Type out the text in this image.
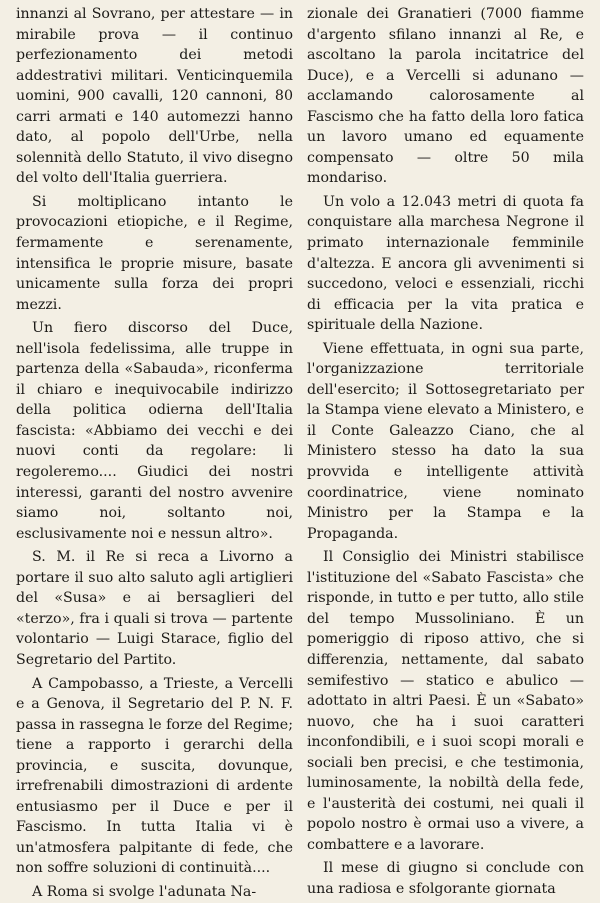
innanzi al Sovrano, per attestare — in mirabile prova — il continuo perfezionamento dei metodi addestrativi militari. Venticinquemila uomini, 900 cavalli, 120 cannoni, 80 carri armati e 140 automezzi hanno dato, al popolo dell'Urbe, nella solennità dello Statuto, il vivo disegno del volto dell'Italia guerriera.

Si moltiplicano intanto le provocazioni etiopiche, e il Regime, fermamente e serenamente, intensifica le proprie misure, basate unicamente sulla forza dei propri mezzi.

Un fiero discorso del Duce, nell'isola fedelissima, alle truppe in partenza della «Sabauda», riconferma il chiaro e inequivocabile indirizzo della politica odierna dell'Italia fascista: «Abbiamo dei vecchi e dei nuovi conti da regolare: li regoleremo.... Giudici dei nostri interessi, garanti del nostro avvenire siamo noi, soltanto noi, esclusivamente noi e nessun altro».

S. M. il Re si reca a Livorno a portare il suo alto saluto agli artiglieri del «Susa» e ai bersaglieri del «terzo», fra i quali si trova — partente volontario — Luigi Starace, figlio del Segretario del Partito.

A Campobasso, a Trieste, a Vercelli e a Genova, il Segretario del P. N. F. passa in rassegna le forze del Regime; tiene a rapporto i gerarchi della provincia, e suscita, dovunque, irrefrenabili dimostrazioni di ardente entusiasmo per il Duce e per il Fascismo. In tutta Italia vi è un'atmosfera palpitante di fede, che non soffre soluzioni di continuità....

A Roma si svolge l'adunata Na-

zionale dei Granatieri (7000 fiamme d'argento sfilano innanzi al Re, e ascoltano la parola incitatrice del Duce), e a Vercelli si adunano — acclamando calorosamente al Fascismo che ha fatto della loro fatica un lavoro umano ed equamente compensato — oltre 50 mila mondariso.

Un volo a 12.043 metri di quota fa conquistare alla marchesa Negrone il primato internazionale femminile d'altezza. E ancora gli avvenimenti si succedono, veloci e essenziali, ricchi di efficacia per la vita pratica e spirituale della Nazione.

Viene effettuata, in ogni sua parte, l'organizzazione territoriale dell'esercito; il Sottosegretariato per la Stampa viene elevato a Ministero, e il Conte Galeazzo Ciano, che al Ministero stesso ha dato la sua provvida e intelligente attività coordinatrice, viene nominato Ministro per la Stampa e la Propaganda.

Il Consiglio dei Ministri stabilisce l'istituzione del «Sabato Fascista» che risponde, in tutto e per tutto, allo stile del tempo Mussoliniano. È un pomeriggio di riposo attivo, che si differenzia, nettamente, dal sabato semifestivo — statico e abulico — adottato in altri Paesi. È un «Sabato» nuovo, che ha i suoi caratteri inconfondibili, e i suoi scopi morali e sociali ben precisi, e che testimonia, luminosamente, la nobiltà della fede, e l'austerità dei costumi, nei quali il popolo nostro è ormai uso a vivere, a combattere e a lavorare.

Il mese di giugno si conclude con una radiosa e sfolgorante giornata
